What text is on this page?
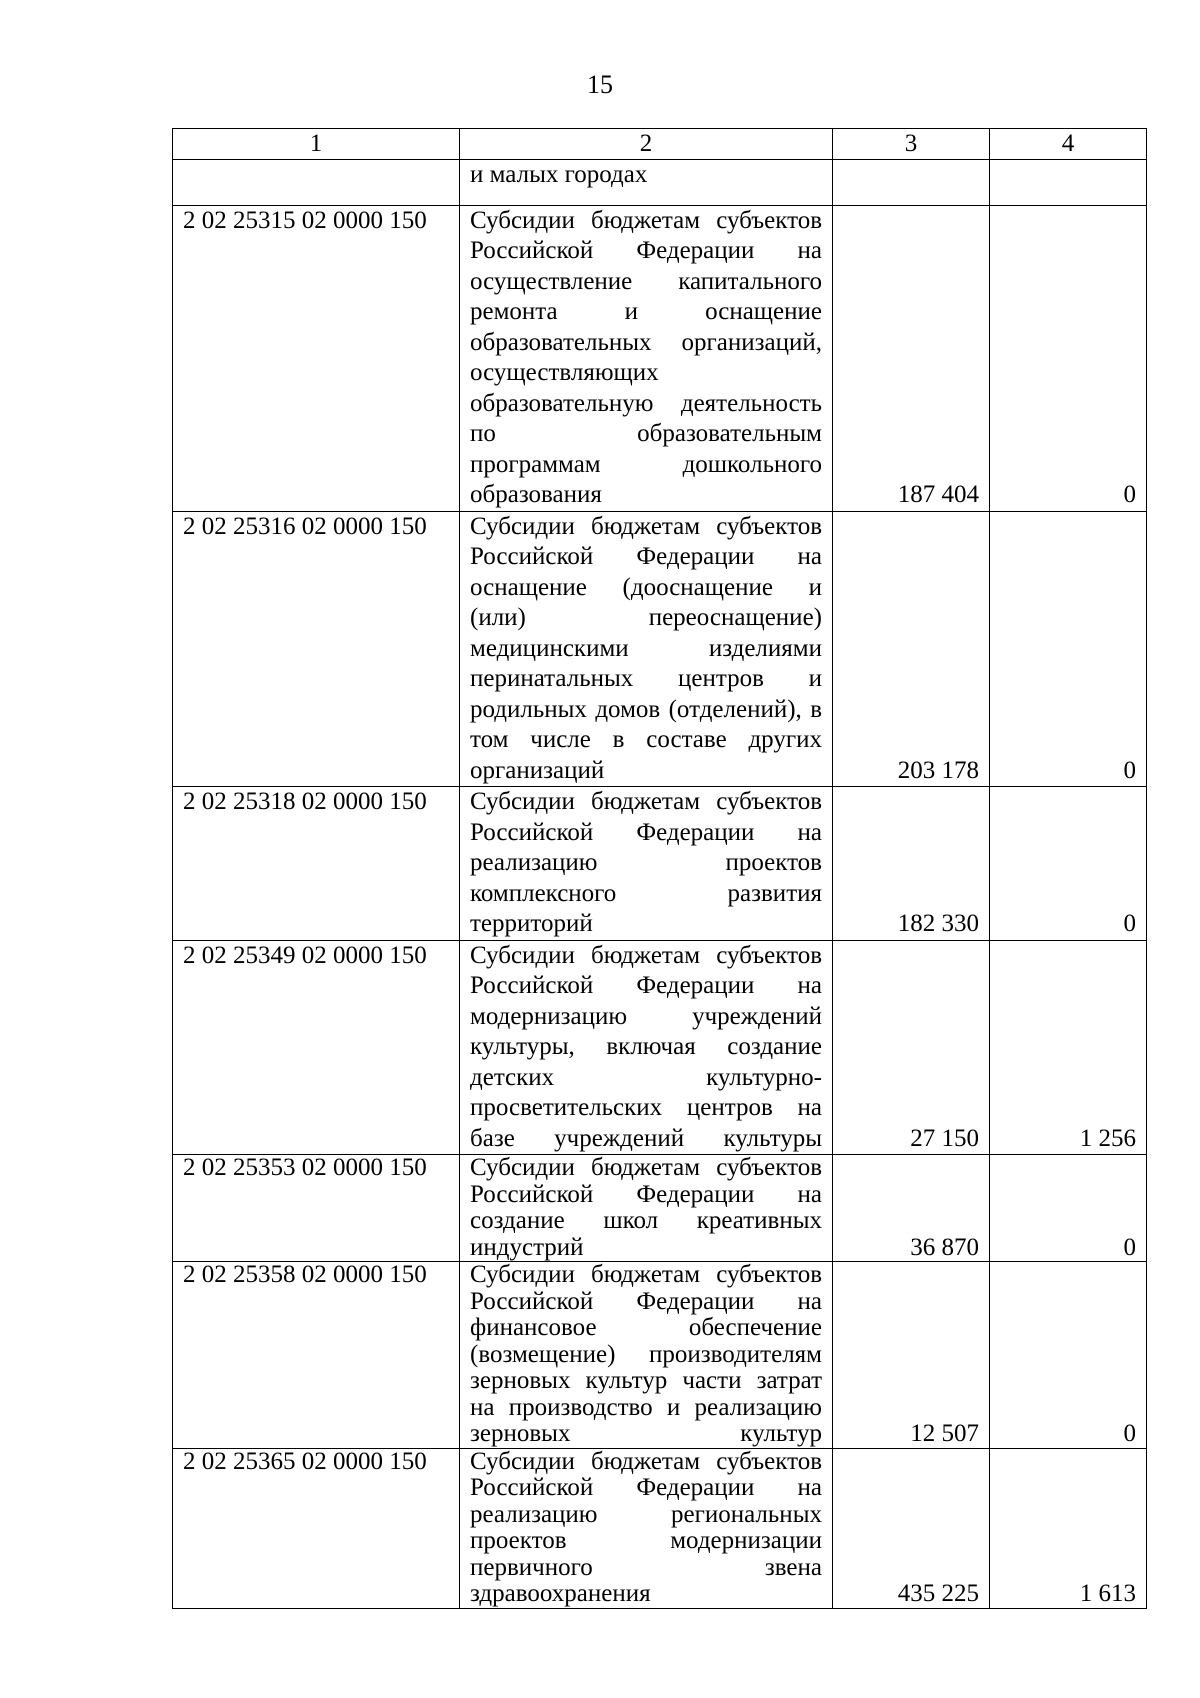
15
1	2	3	4
	и малых городах		
2 02 25315 02 0000 150	Субсидии бюджетам субъектов Российской Федерации на осуществление капитального ремонта и оснащение образовательных организаций, осуществляющих образовательную деятельность по образовательным программам дошкольного образования	187 404	0
2 02 25316 02 0000 150	Субсидии бюджетам субъектов Российской Федерации на оснащение (дооснащение и (или) переоснащение) медицинскими изделиями перинатальных центров и родильных домов (отделений), в том числе в составе других организаций	203 178	0
2 02 25318 02 0000 150	Субсидии бюджетам субъектов Российской Федерации на реализацию проектов комплексного развития территорий	182 330	0
2 02 25349 02 0000 150	Субсидии бюджетам субъектов Российской Федерации на модернизацию учреждений культуры, включая создание детских культурно-просветительских центров на базе учреждений культуры	27 150	1 256
2 02 25353 02 0000 150	Субсидии бюджетам субъектов Российской Федерации на создание школ креативных индустрий	36 870	0
2 02 25358 02 0000 150	Субсидии бюджетам субъектов Российской Федерации на финансовое обеспечение (возмещение) производителям зерновых культур части затрат на производство и реализацию зерновых культур	12 507	0
2 02 25365 02 0000 150	Субсидии бюджетам субъектов Российской Федерации на реализацию региональных проектов модернизации первичного звена здравоохранения	435 225	1 613
